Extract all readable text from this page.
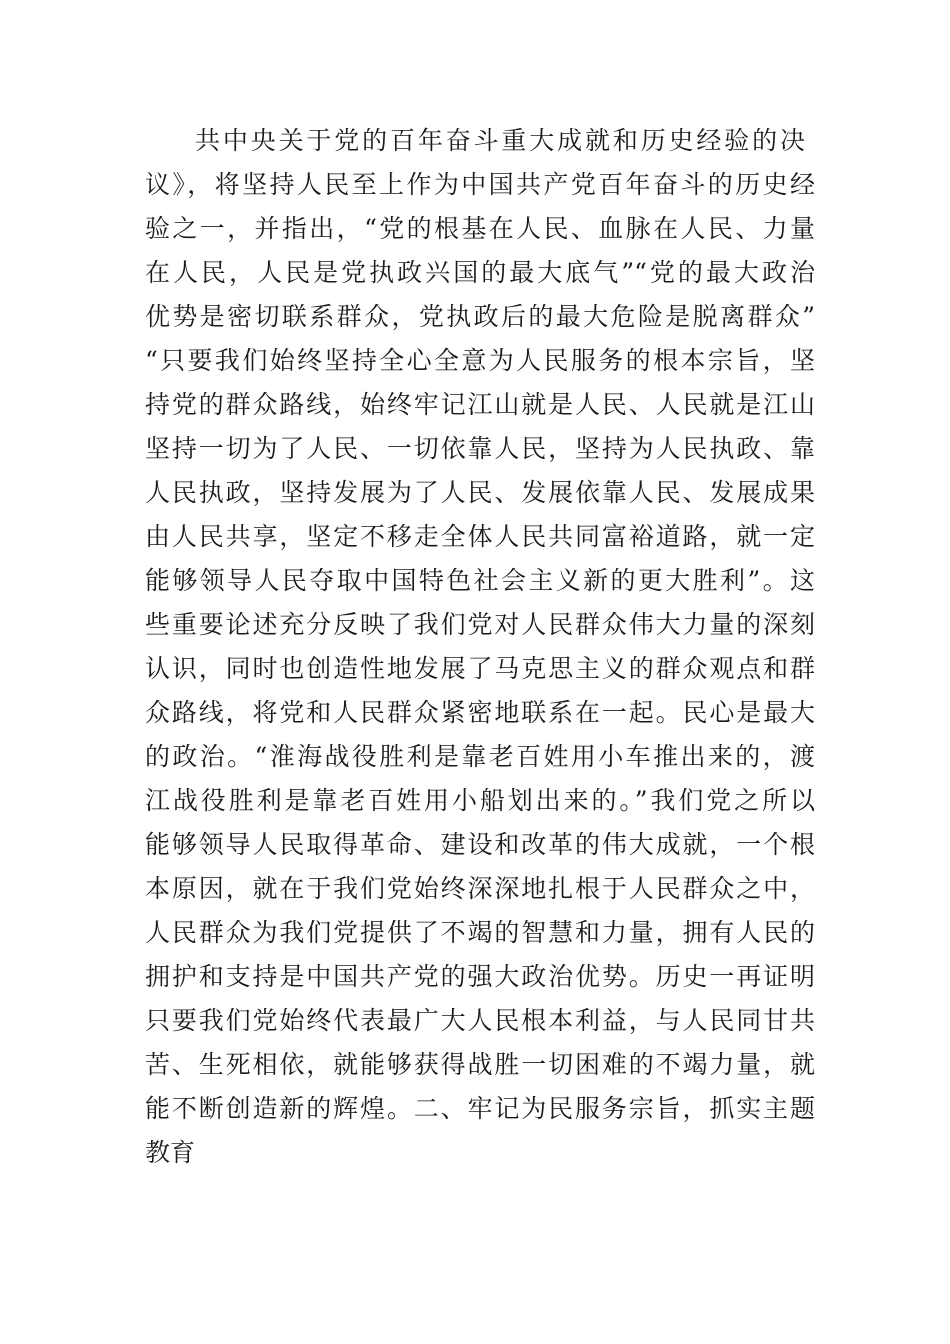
共中央关于党的百年奋斗重大成就和历史经验的决
议》，将坚持人民至上作为中国共产党百年奋斗的历史经
验之一，并指出，“党的根基在人民、血脉在人民、力量
在人民，人民是党执政兴国的最大底气”“党的最大政治
优势是密切联系群众，党执政后的最大危险是脱离群众”
“只要我们始终坚持全心全意为人民服务的根本宗旨，坚
持党的群众路线，始终牢记江山就是人民、人民就是江山
坚持一切为了人民、一切依靠人民，坚持为人民执政、靠
人民执政，坚持发展为了人民、发展依靠人民、发展成果
由人民共享，坚定不移走全体人民共同富裕道路，就一定
能够领导人民夺取中国特色社会主义新的更大胜利”。这
些重要论述充分反映了我们党对人民群众伟大力量的深刻
认识，同时也创造性地发展了马克思主义的群众观点和群
众路线，将党和人民群众紧密地联系在一起。民心是最大
的政治。“淮海战役胜利是靠老百姓用小车推出来的，渡
江战役胜利是靠老百姓用小船划出来的。”我们党之所以
能够领导人民取得革命、建设和改革的伟大成就，一个根
本原因，就在于我们党始终深深地扎根于人民群众之中，
人民群众为我们党提供了不竭的智慧和力量，拥有人民的
拥护和支持是中国共产党的强大政治优势。历史一再证明
只要我们党始终代表最广大人民根本利益，与人民同甘共
苦、生死相依，就能够获得战胜一切困难的不竭力量，就
能不断创造新的辉煌。二、牢记为民服务宗旨，抓实主题
教育
